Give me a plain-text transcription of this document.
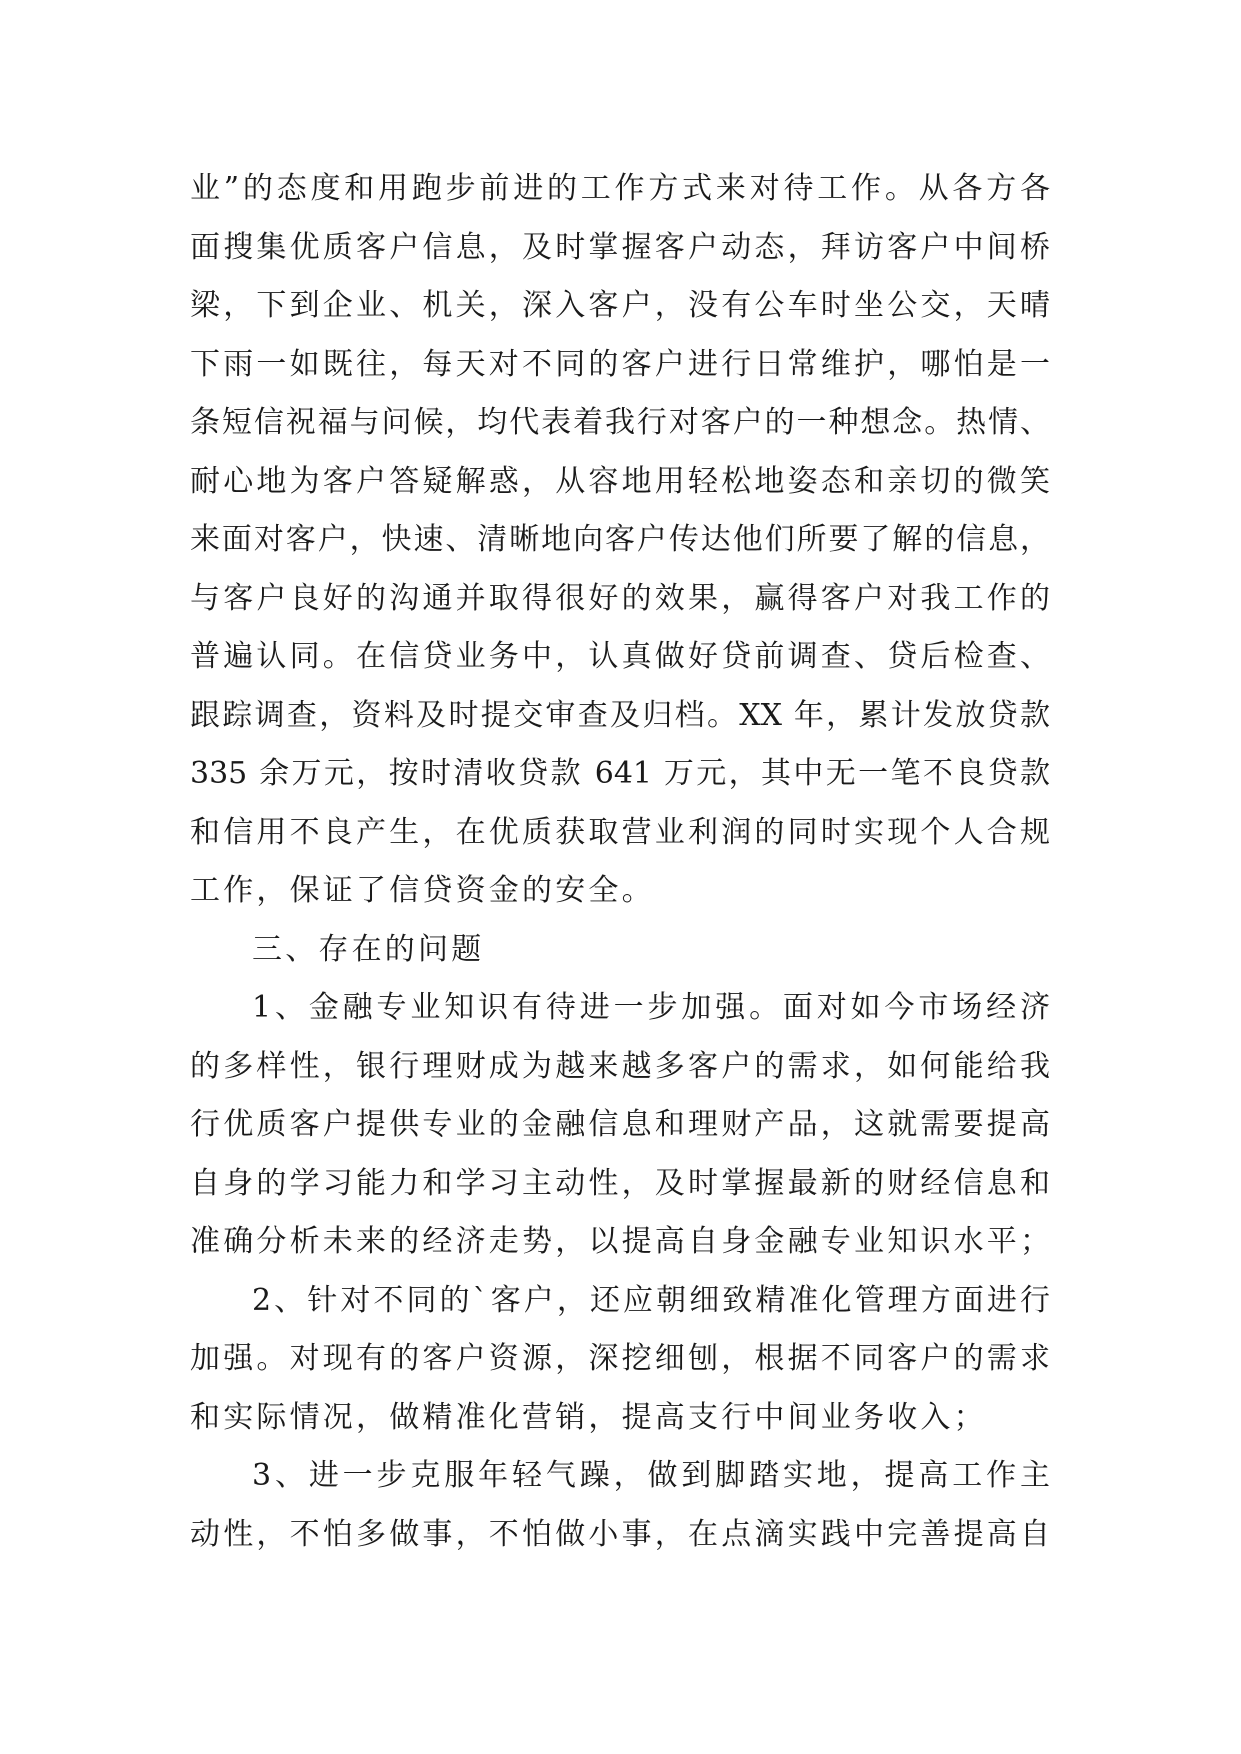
业”的态度和用跑步前进的工作方式来对待工作。从各方各
面搜集优质客户信息，及时掌握客户动态，拜访客户中间桥
梁，下到企业、机关，深入客户，没有公车时坐公交，天晴
下雨一如既往，每天对不同的客户进行日常维护，哪怕是一
条短信祝福与问候，均代表着我行对客户的一种想念。热情、
耐心地为客户答疑解惑，从容地用轻松地姿态和亲切的微笑
来面对客户，快速、清晰地向客户传达他们所要了解的信息，
与客户良好的沟通并取得很好的效果，赢得客户对我工作的
普遍认同。在信贷业务中，认真做好贷前调查、贷后检查、
跟踪调查，资料及时提交审查及归档。XX 年，累计发放贷款
335 余万元，按时清收贷款 641 万元，其中无一笔不良贷款
和信用不良产生，在优质获取营业利润的同时实现个人合规
工作，保证了信贷资金的安全。
三、存在的问题
1、金融专业知识有待进一步加强。面对如今市场经济
的多样性，银行理财成为越来越多客户的需求，如何能给我
行优质客户提供专业的金融信息和理财产品，这就需要提高
自身的学习能力和学习主动性，及时掌握最新的财经信息和
准确分析未来的经济走势，以提高自身金融专业知识水平；
2、针对不同的`客户，还应朝细致精准化管理方面进行
加强。对现有的客户资源，深挖细刨，根据不同客户的需求
和实际情况，做精准化营销，提高支行中间业务收入；
3、进一步克服年轻气躁，做到脚踏实地，提高工作主
动性，不怕多做事，不怕做小事，在点滴实践中完善提高自
